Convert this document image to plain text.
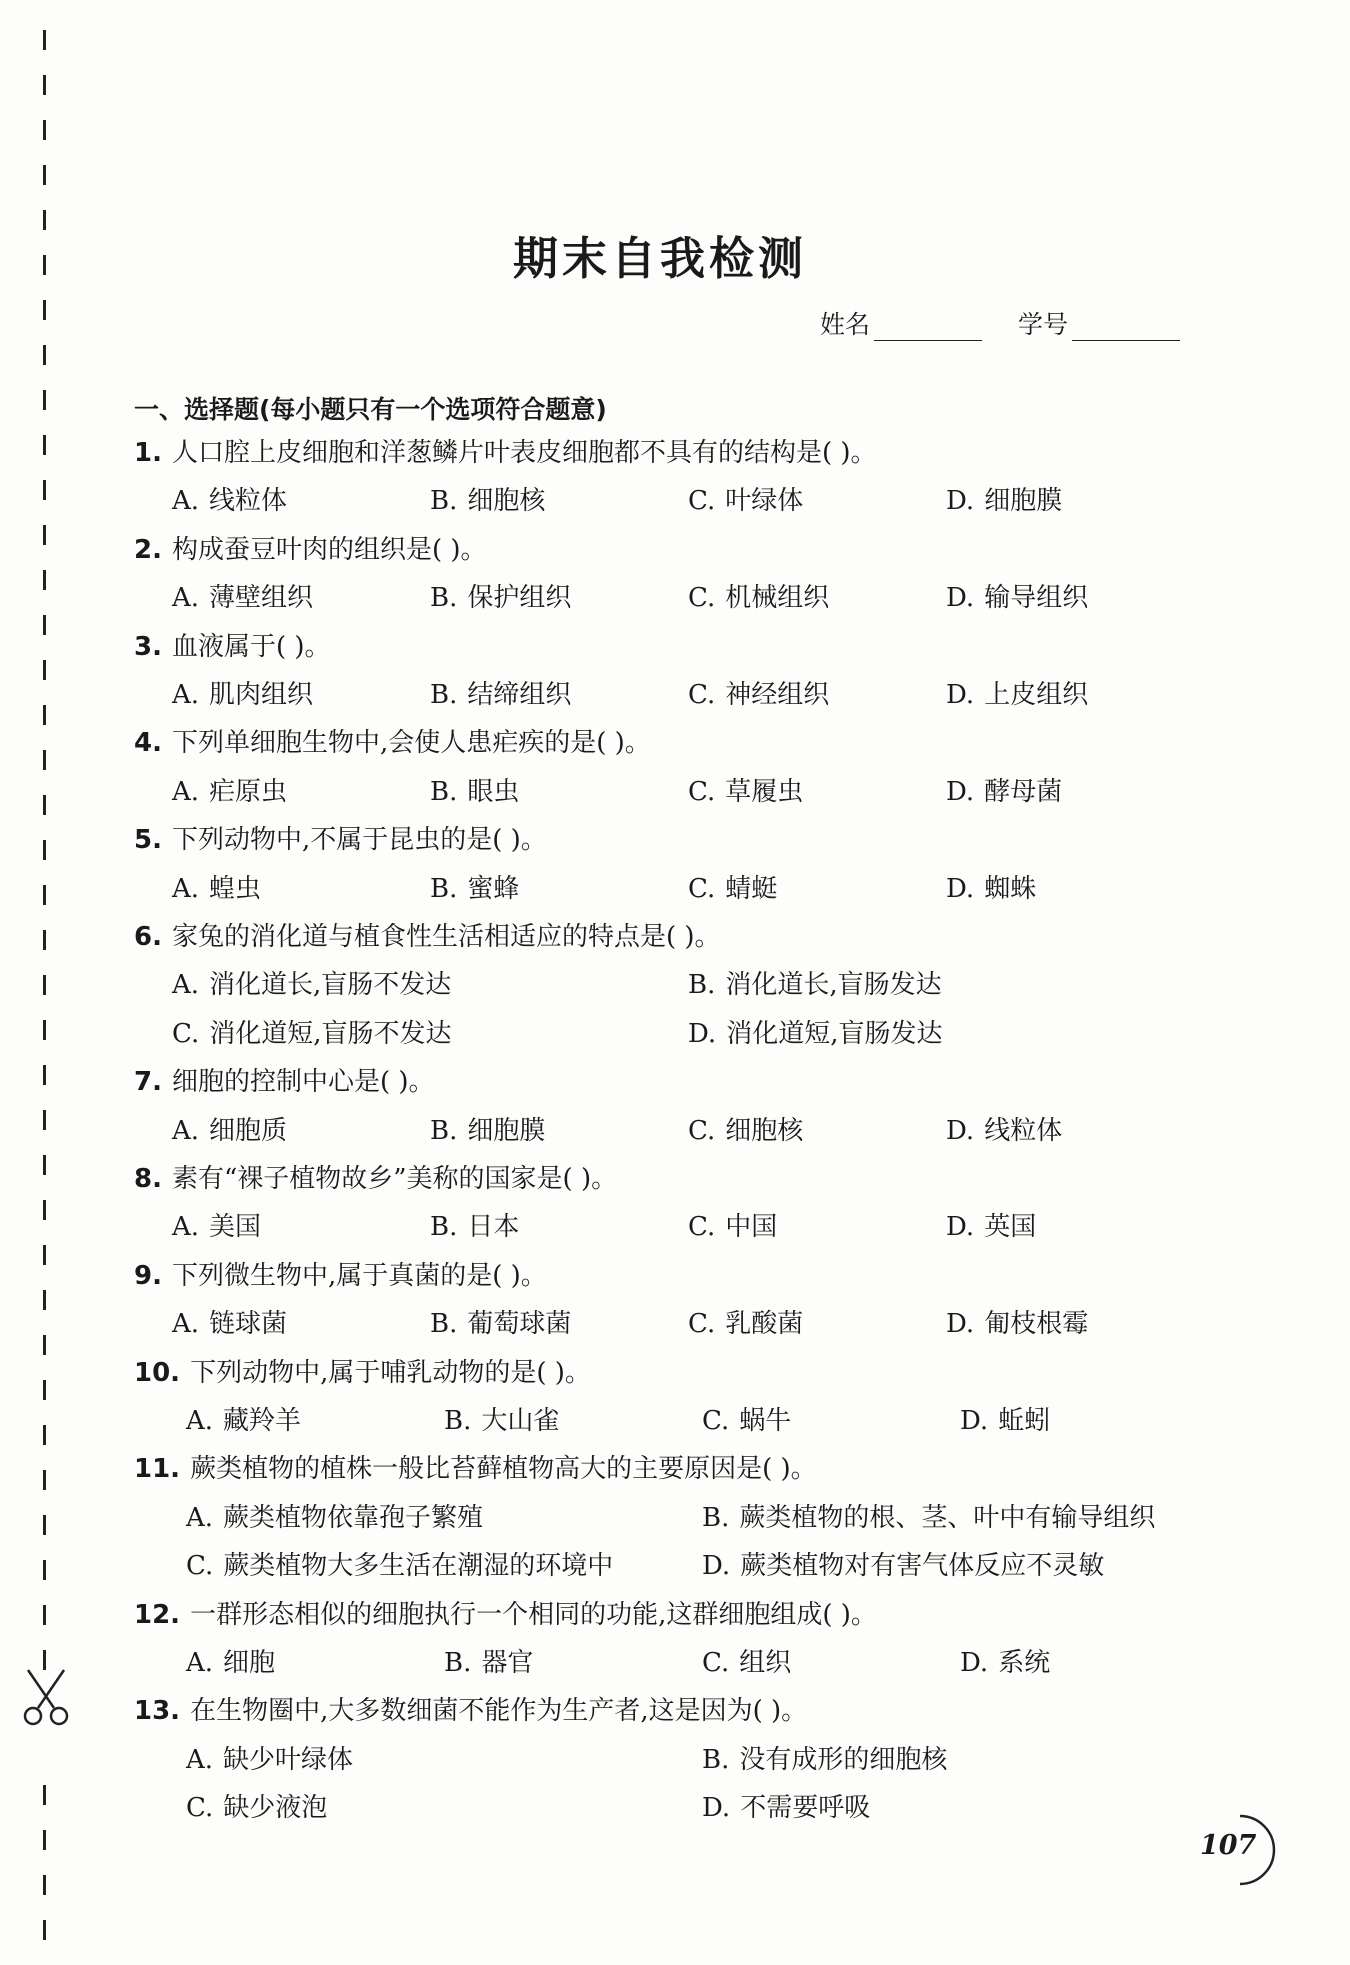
期末自我检测
姓名	学号
一、选择题(每小题只有一个选项符合题意)
1. 人口腔上皮细胞和洋葱鳞片叶表皮细胞都不具有的结构是( )。
A. 线粒体	B. 细胞核	C. 叶绿体	D. 细胞膜
2. 构成蚕豆叶肉的组织是( )。
A. 薄壁组织	B. 保护组织	C. 机械组织	D. 输导组织
3. 血液属于( )。
A. 肌肉组织	B. 结缔组织	C. 神经组织	D. 上皮组织
4. 下列单细胞生物中,会使人患疟疾的是( )。
A. 疟原虫	B. 眼虫	C. 草履虫	D. 酵母菌
5. 下列动物中,不属于昆虫的是( )。
A. 蝗虫	B. 蜜蜂	C. 蜻蜓	D. 蜘蛛
6. 家兔的消化道与植食性生活相适应的特点是( )。
A. 消化道长,盲肠不发达	B. 消化道长,盲肠发达
C. 消化道短,盲肠不发达	D. 消化道短,盲肠发达
7. 细胞的控制中心是( )。
A. 细胞质	B. 细胞膜	C. 细胞核	D. 线粒体
8. 素有“裸子植物故乡”美称的国家是( )。
A. 美国	B. 日本	C. 中国	D. 英国
9. 下列微生物中,属于真菌的是( )。
A. 链球菌	B. 葡萄球菌	C. 乳酸菌	D. 匍枝根霉
10. 下列动物中,属于哺乳动物的是( )。
A. 藏羚羊	B. 大山雀	C. 蜗牛	D. 蚯蚓
11. 蕨类植物的植株一般比苔藓植物高大的主要原因是( )。
A. 蕨类植物依靠孢子繁殖	B. 蕨类植物的根、茎、叶中有输导组织
C. 蕨类植物大多生活在潮湿的环境中	D. 蕨类植物对有害气体反应不灵敏
12. 一群形态相似的细胞执行一个相同的功能,这群细胞组成( )。
A. 细胞	B. 器官	C. 组织	D. 系统
13. 在生物圈中,大多数细菌不能作为生产者,这是因为( )。
A. 缺少叶绿体	B. 没有成形的细胞核
C. 缺少液泡	D. 不需要呼吸
107
